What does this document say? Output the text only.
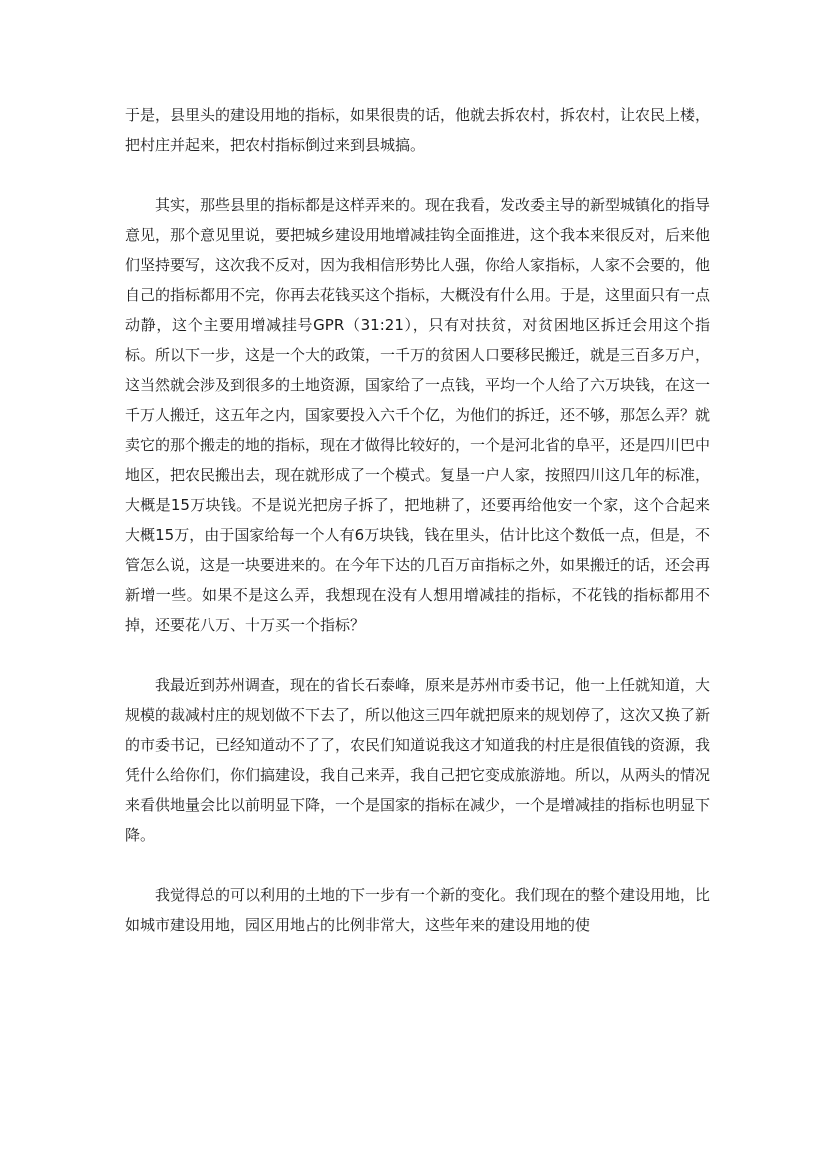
于是，县里头的建设用地的指标，如果很贵的话，他就去拆农村，拆农村，让农民上楼，把村庄并起来，把农村指标倒过来到县城搞。

其实，那些县里的指标都是这样弄来的。现在我看，发改委主导的新型城镇化的指导意见，那个意见里说，要把城乡建设用地增减挂钩全面推进，这个我本来很反对，后来他们坚持要写，这次我不反对，因为我相信形势比人强，你给人家指标，人家不会要的，他自己的指标都用不完，你再去花钱买这个指标，大概没有什么用。于是，这里面只有一点动静，这个主要用增减挂号GPR（31:21），只有对扶贫，对贫困地区拆迁会用这个指标。所以下一步，这是一个大的政策，一千万的贫困人口要移民搬迁，就是三百多万户，这当然就会涉及到很多的土地资源，国家给了一点钱，平均一个人给了六万块钱，在这一千万人搬迁，这五年之内，国家要投入六千个亿，为他们的拆迁，还不够，那怎么弄？就卖它的那个搬走的地的指标，现在才做得比较好的，一个是河北省的阜平，还是四川巴中地区，把农民搬出去，现在就形成了一个模式。复垦一户人家，按照四川这几年的标准，大概是15万块钱。不是说光把房子拆了，把地耕了，还要再给他安一个家，这个合起来大概15万，由于国家给每一个人有6万块钱，钱在里头，估计比这个数低一点，但是，不管怎么说，这是一块要进来的。在今年下达的几百万亩指标之外，如果搬迁的话，还会再新增一些。如果不是这么弄，我想现在没有人想用增减挂的指标，不花钱的指标都用不掉，还要花八万、十万买一个指标？

我最近到苏州调查，现在的省长石泰峰，原来是苏州市委书记，他一上任就知道，大规模的裁减村庄的规划做不下去了，所以他这三四年就把原来的规划停了，这次又换了新的市委书记，已经知道动不了了，农民们知道说我这才知道我的村庄是很值钱的资源，我凭什么给你们，你们搞建设，我自己来弄，我自己把它变成旅游地。所以，从两头的情况来看供地量会比以前明显下降，一个是国家的指标在减少，一个是增减挂的指标也明显下降。

我觉得总的可以利用的土地的下一步有一个新的变化。我们现在的整个建设用地，比如城市建设用地，园区用地占的比例非常大，这些年来的建设用地的使
